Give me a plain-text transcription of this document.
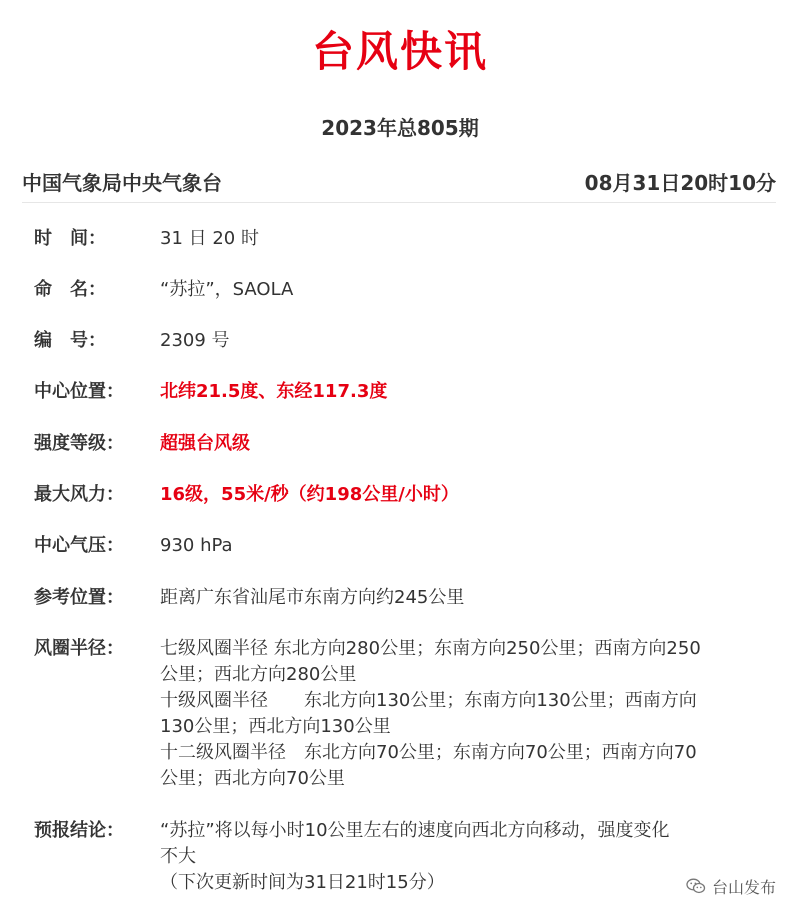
台风快讯
2023年总805期
中国气象局中央气象台	08月31日20时10分
时　间：	31 日 20 时
命　名：	“苏拉”，SAOLA
编　号：	2309 号
中心位置：	北纬21.5度、东经117.3度
强度等级：	超强台风级
最大风力：	16级，55米/秒（约198公里/小时）
中心气压：	930 hPa
参考位置：	距离广东省汕尾市东南方向约245公里
风圈半径：	七级风圈半径 东北方向280公里；东南方向250公里；西南方向250
公里；西北方向280公里
十级风圈半径　　东北方向130公里；东南方向130公里；西南方向
130公里；西北方向130公里
十二级风圈半径　东北方向70公里；东南方向70公里；西南方向70
公里；西北方向70公里
预报结论：	“苏拉”将以每小时10公里左右的速度向西北方向移动，强度变化
不大
（下次更新时间为31日21时15分）	台山发布
